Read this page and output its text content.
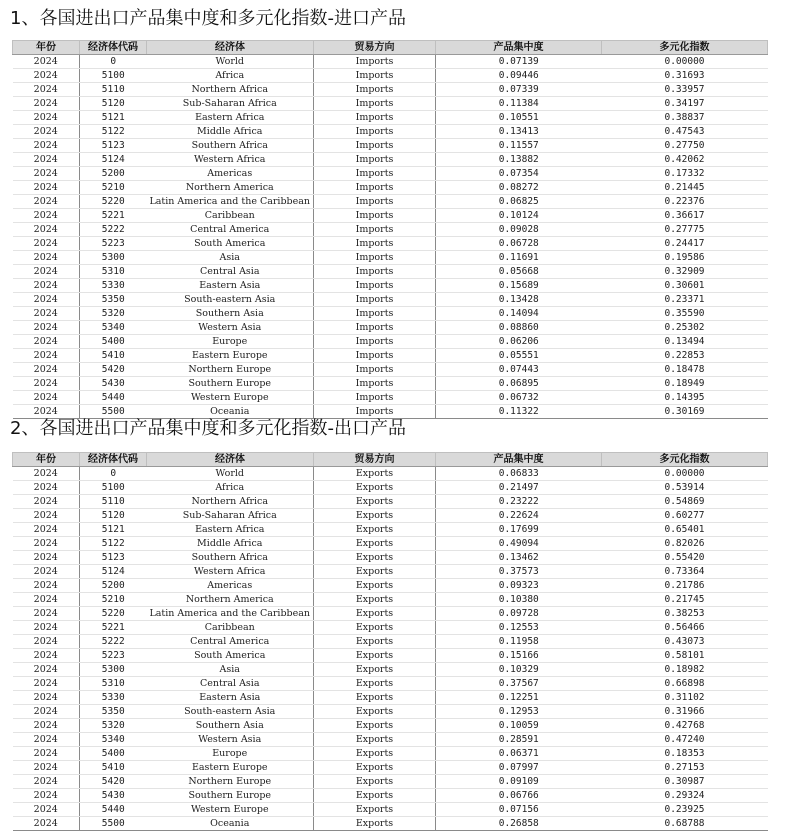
1、各国进出口产品集中度和多元化指数-进口产品
年份	经济体代码	经济体	贸易方向	产品集中度	多元化指数
2024	0	World	Imports	0.07139	0.00000
2024	5100	Africa	Imports	0.09446	0.31693
2024	5110	Northern Africa	Imports	0.07339	0.33957
2024	5120	Sub-Saharan Africa	Imports	0.11384	0.34197
2024	5121	Eastern Africa	Imports	0.10551	0.38837
2024	5122	Middle Africa	Imports	0.13413	0.47543
2024	5123	Southern Africa	Imports	0.11557	0.27750
2024	5124	Western Africa	Imports	0.13882	0.42062
2024	5200	Americas	Imports	0.07354	0.17332
2024	5210	Northern America	Imports	0.08272	0.21445
2024	5220	Latin America and the Caribbean	Imports	0.06825	0.22376
2024	5221	Caribbean	Imports	0.10124	0.36617
2024	5222	Central America	Imports	0.09028	0.27775
2024	5223	South America	Imports	0.06728	0.24417
2024	5300	Asia	Imports	0.11691	0.19586
2024	5310	Central Asia	Imports	0.05668	0.32909
2024	5330	Eastern Asia	Imports	0.15689	0.30601
2024	5350	South-eastern Asia	Imports	0.13428	0.23371
2024	5320	Southern Asia	Imports	0.14094	0.35590
2024	5340	Western Asia	Imports	0.08860	0.25302
2024	5400	Europe	Imports	0.06206	0.13494
2024	5410	Eastern Europe	Imports	0.05551	0.22853
2024	5420	Northern Europe	Imports	0.07443	0.18478
2024	5430	Southern Europe	Imports	0.06895	0.18949
2024	5440	Western Europe	Imports	0.06732	0.14395
2024	5500	Oceania	Imports	0.11322	0.30169
2、各国进出口产品集中度和多元化指数-出口产品
年份	经济体代码	经济体	贸易方向	产品集中度	多元化指数
2024	0	World	Exports	0.06833	0.00000
2024	5100	Africa	Exports	0.21497	0.53914
2024	5110	Northern Africa	Exports	0.23222	0.54869
2024	5120	Sub-Saharan Africa	Exports	0.22624	0.60277
2024	5121	Eastern Africa	Exports	0.17699	0.65401
2024	5122	Middle Africa	Exports	0.49094	0.82026
2024	5123	Southern Africa	Exports	0.13462	0.55420
2024	5124	Western Africa	Exports	0.37573	0.73364
2024	5200	Americas	Exports	0.09323	0.21786
2024	5210	Northern America	Exports	0.10380	0.21745
2024	5220	Latin America and the Caribbean	Exports	0.09728	0.38253
2024	5221	Caribbean	Exports	0.12553	0.56466
2024	5222	Central America	Exports	0.11958	0.43073
2024	5223	South America	Exports	0.15166	0.58101
2024	5300	Asia	Exports	0.10329	0.18982
2024	5310	Central Asia	Exports	0.37567	0.66898
2024	5330	Eastern Asia	Exports	0.12251	0.31102
2024	5350	South-eastern Asia	Exports	0.12953	0.31966
2024	5320	Southern Asia	Exports	0.10059	0.42768
2024	5340	Western Asia	Exports	0.28591	0.47240
2024	5400	Europe	Exports	0.06371	0.18353
2024	5410	Eastern Europe	Exports	0.07997	0.27153
2024	5420	Northern Europe	Exports	0.09109	0.30987
2024	5430	Southern Europe	Exports	0.06766	0.29324
2024	5440	Western Europe	Exports	0.07156	0.23925
2024	5500	Oceania	Exports	0.26858	0.68788
